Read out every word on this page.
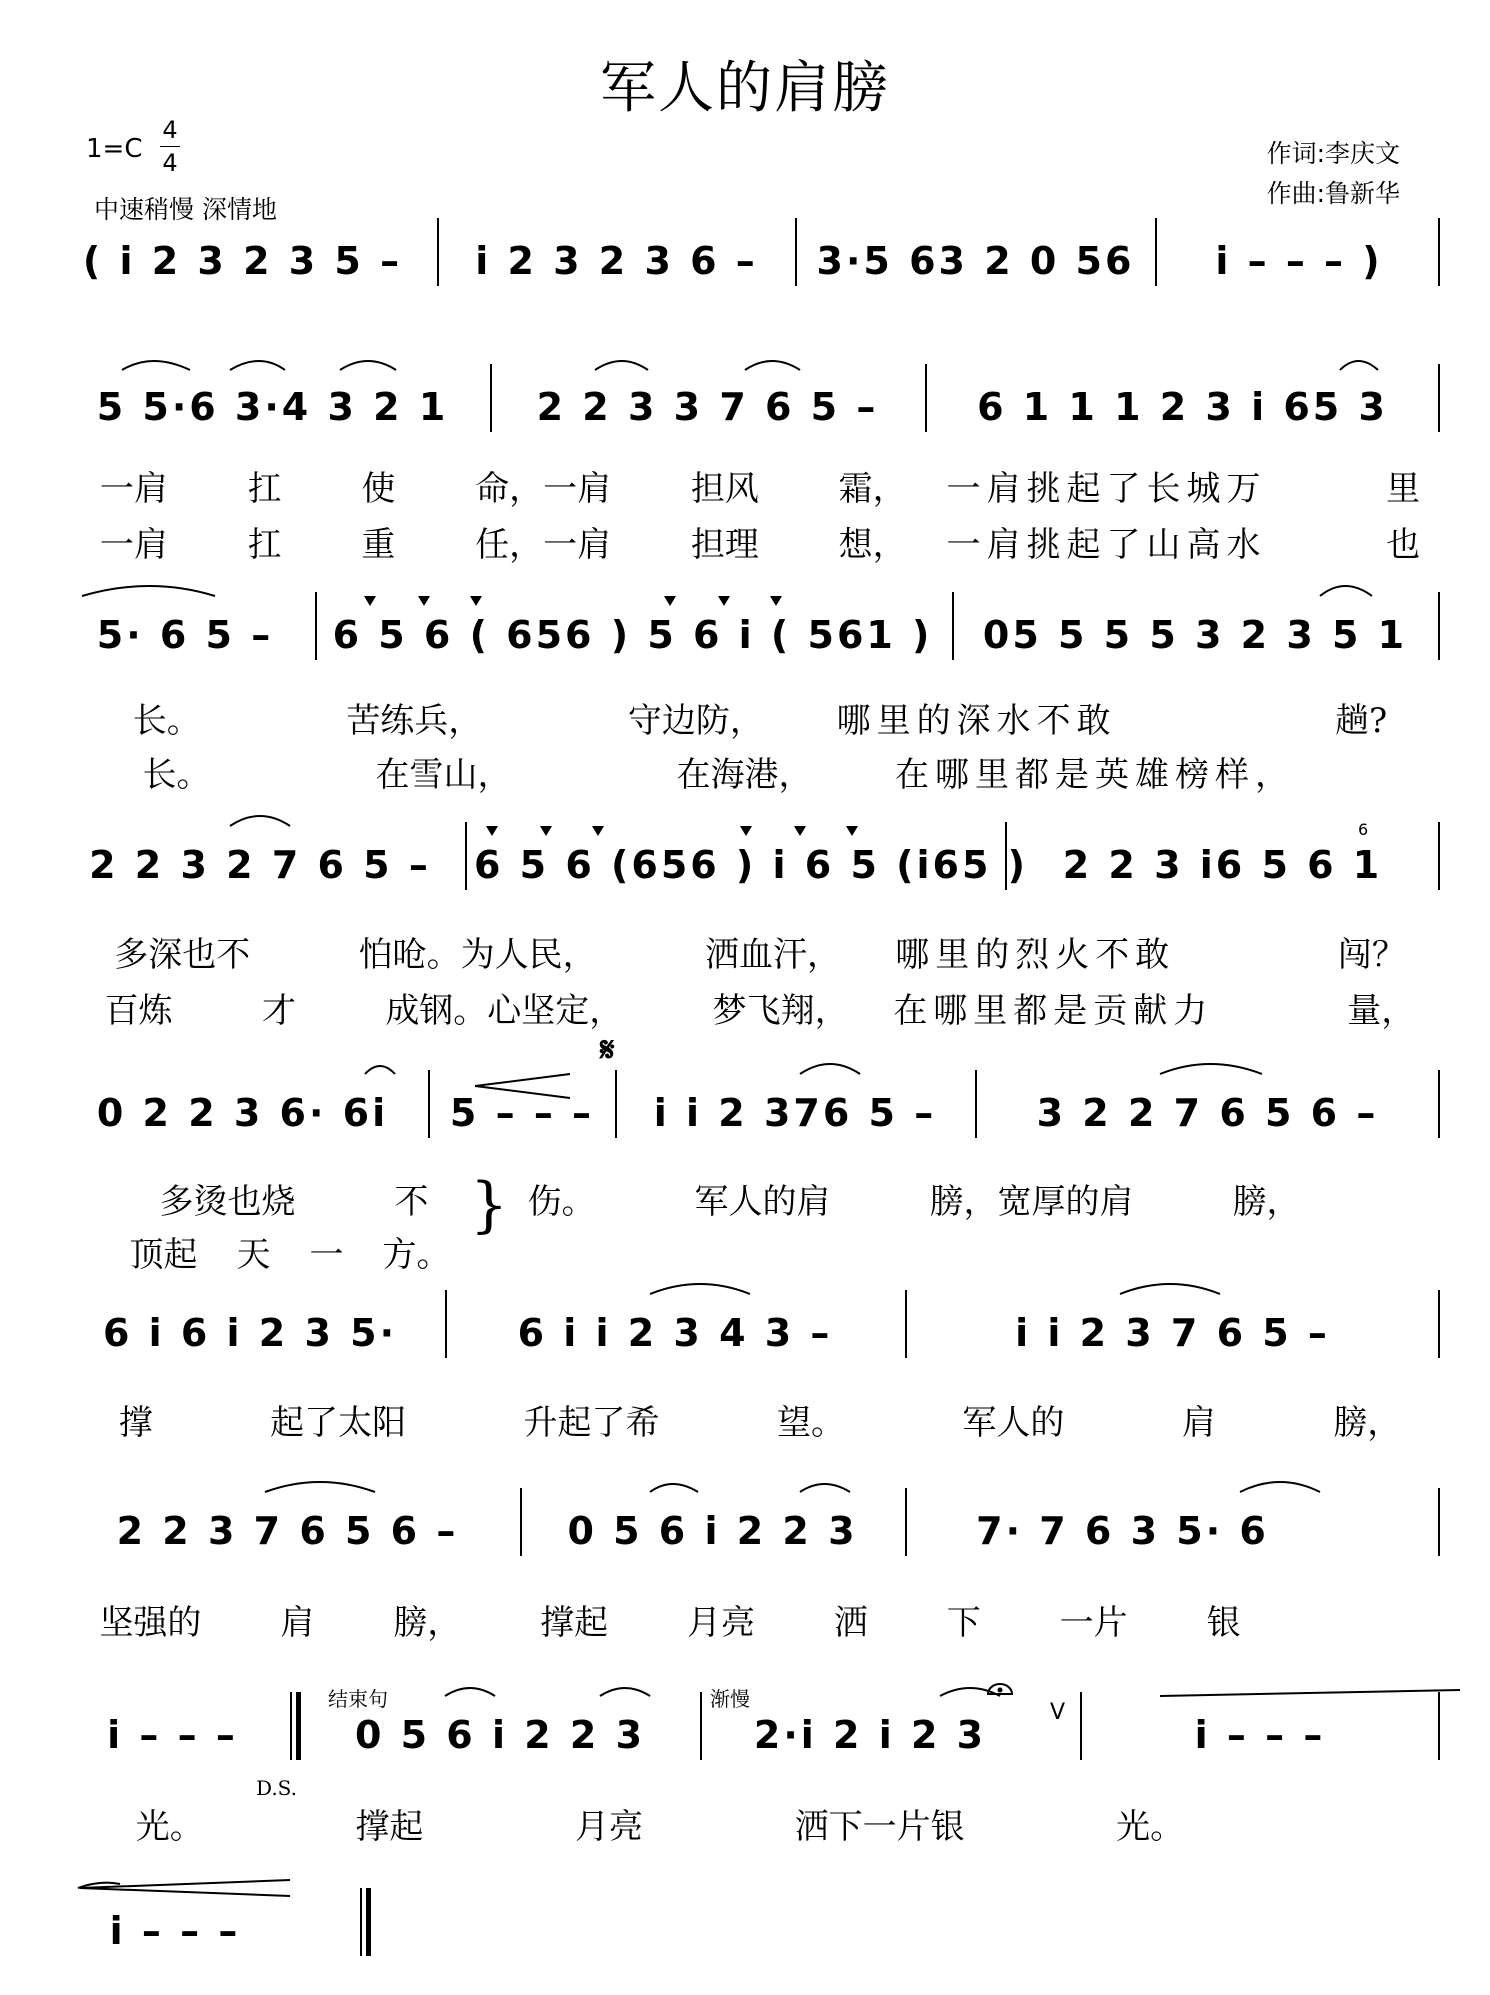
军人的肩膀
1=C
4
4
中速稍慢 深情地
作词:李庆文
作曲:鲁新华
( i 2 3 2 3 5 – i 2 3 2 3 6 – 3·5 63 2 0 56 i – – – )
5 5·6 3·4 3 2 1 2 2 3 3 7 6 5 –	6 1 1 1 2 3 i 65 3
一肩	扛	使	命，一肩	担风	霜，	一肩挑起了长城万	里
一肩	扛	重	任，一肩	担理	想，	一肩挑起了山高水	也
5· 6 5 – 6 5 6 ( 656 ) 5 6 i ( 561 ) 05 5 5 5 3 2 3 5 1
长。	苦练兵，	守边防，	哪里的深水不敢	趟?
长。	在雪山，	在海港，	在哪里都是英雄榜样，
2 2 3 2 7 6 5 – 6 5 6 (656 ) i 6 5 (i65 ) 2 2 3 i6 5 6 1
多深也不	怕呛。为人民，	洒血汗，	哪里的烈火不敢	闯？
百炼	才	成钢。心坚定，	梦飞翔，	在哪里都是贡献力	量，
6
0 2 2 3 6· 6i 5 – – – i i 2 376 5 –	3 2 2 7 6 5 6 –
𝄋
多烫也烧	不	伤。	军人的肩	膀，宽厚的肩	膀，
顶起	天	一	方。
}
6 i 6 i 2 3 5·	6 i i 2 3 4 3 –	i i 2 3 7 6 5 –
撑	起了太阳	升起了希	望。	军人的	肩	膀，
2 2 3 7 6 5 6 –	0 5 6 i 2 2 3	7· 7 6 3 5· 6
坚强的	肩	膀，	撑起	月亮	洒	下	一片	银
i – – –	0 5 6 i 2 2 3	2·i 2 i 2 3	i – – –
结束句	渐慢
D.S.
V
光。	撑起	月亮	洒下一片银	光。
i – – –
